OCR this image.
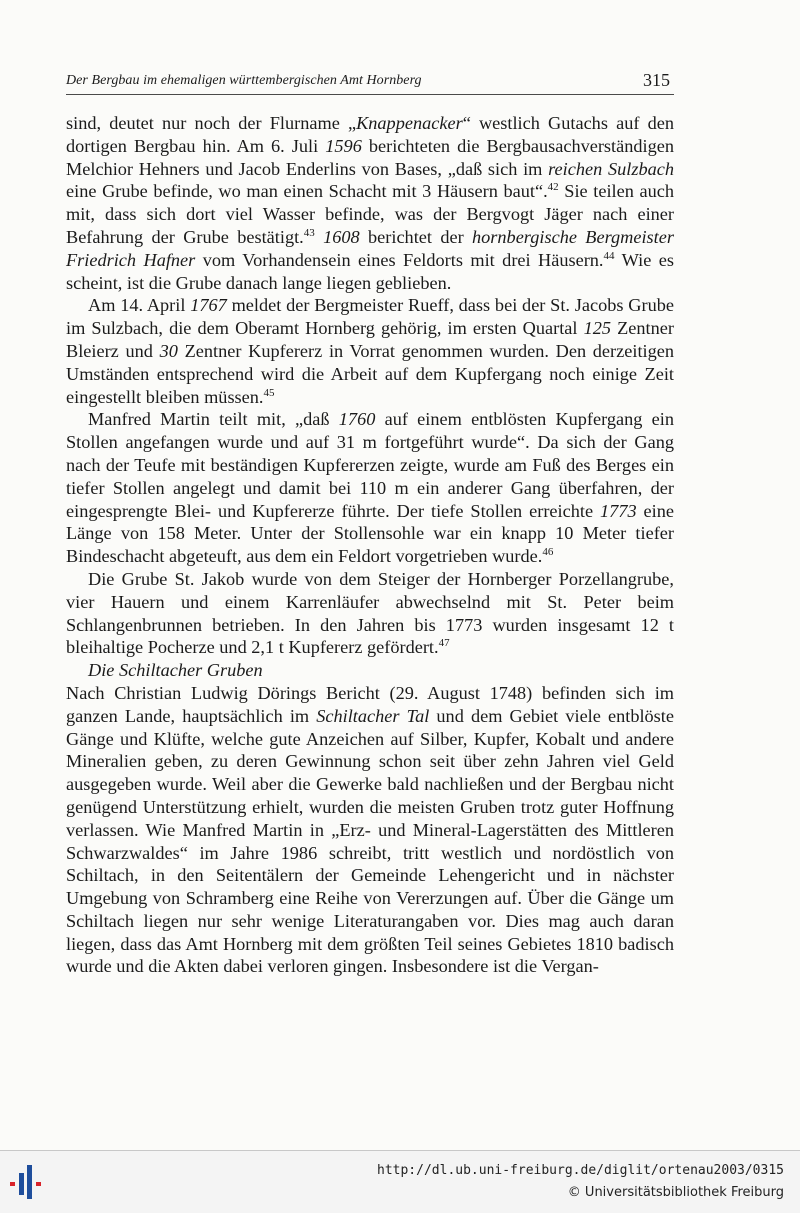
Der Bergbau im ehemaligen württembergischen Amt Hornberg	315

sind, deutet nur noch der Flurname „Knappenacker“ westlich Gutachs auf den dortigen Bergbau hin. Am 6. Juli 1596 berichteten die Bergbausachverständigen Melchior Hehners und Jacob Enderlins von Bases, „daß sich im reichen Sulzbach eine Grube befinde, wo man einen Schacht mit 3 Häusern baut“.$^{42}$ Sie teilen auch mit, dass sich dort viel Wasser befinde, was der Bergvogt Jäger nach einer Befahrung der Grube bestätigt.$^{43}$ 1608 berichtet der hornbergische Bergmeister Friedrich Hafner vom Vorhandensein eines Feldorts mit drei Häusern.$^{44}$ Wie es scheint, ist die Grube danach lange liegen geblieben.

Am 14. April 1767 meldet der Bergmeister Rueff, dass bei der St. Jacobs Grube im Sulzbach, die dem Oberamt Hornberg gehörig, im ersten Quartal 125 Zentner Bleierz und 30 Zentner Kupfererz in Vorrat genommen wurden. Den derzeitigen Umständen entsprechend wird die Arbeit auf dem Kupfergang noch einige Zeit eingestellt bleiben müssen.$^{45}$

Manfred Martin teilt mit, „daß 1760 auf einem entblösten Kupfergang ein Stollen angefangen wurde und auf 31 m fortgeführt wurde“. Da sich der Gang nach der Teufe mit beständigen Kupfererzen zeigte, wurde am Fuß des Berges ein tiefer Stollen angelegt und damit bei 110 m ein anderer Gang überfahren, der eingesprengte Blei- und Kupfererze führte. Der tiefe Stollen erreichte 1773 eine Länge von 158 Meter. Unter der Stollensohle war ein knapp 10 Meter tiefer Bindeschacht abgeteuft, aus dem ein Feldort vorgetrieben wurde.$^{46}$

Die Grube St. Jakob wurde von dem Steiger der Hornberger Porzellangrube, vier Hauern und einem Karrenläufer abwechselnd mit St. Peter beim Schlangenbrunnen betrieben. In den Jahren bis 1773 wurden insgesamt 12 t bleihaltige Pocherze und 2,1 t Kupfererz gefördert.$^{47}$

Die Schiltacher Gruben

Nach Christian Ludwig Dörings Bericht (29. August 1748) befinden sich im ganzen Lande, hauptsächlich im Schiltacher Tal und dem Gebiet viele entblöste Gänge und Klüfte, welche gute Anzeichen auf Silber, Kupfer, Kobalt und andere Mineralien geben, zu deren Gewinnung schon seit über zehn Jahren viel Geld ausgegeben wurde. Weil aber die Gewerke bald nachließen und der Bergbau nicht genügend Unterstützung erhielt, wurden die meisten Gruben trotz guter Hoffnung verlassen. Wie Manfred Martin in „Erz- und Mineral-Lagerstätten des Mittleren Schwarzwaldes“ im Jahre 1986 schreibt, tritt westlich und nordöstlich von Schiltach, in den Seitentälern der Gemeinde Lehengericht und in nächster Umgebung von Schramberg eine Reihe von Vererzungen auf. Über die Gänge um Schiltach liegen nur sehr wenige Literaturangaben vor. Dies mag auch daran liegen, dass das Amt Hornberg mit dem größten Teil seines Gebietes 1810 badisch wurde und die Akten dabei verloren gingen. Insbesondere ist die Vergan-

http://dl.ub.uni-freiburg.de/diglit/ortenau2003/0315
© Universitätsbibliothek Freiburg
